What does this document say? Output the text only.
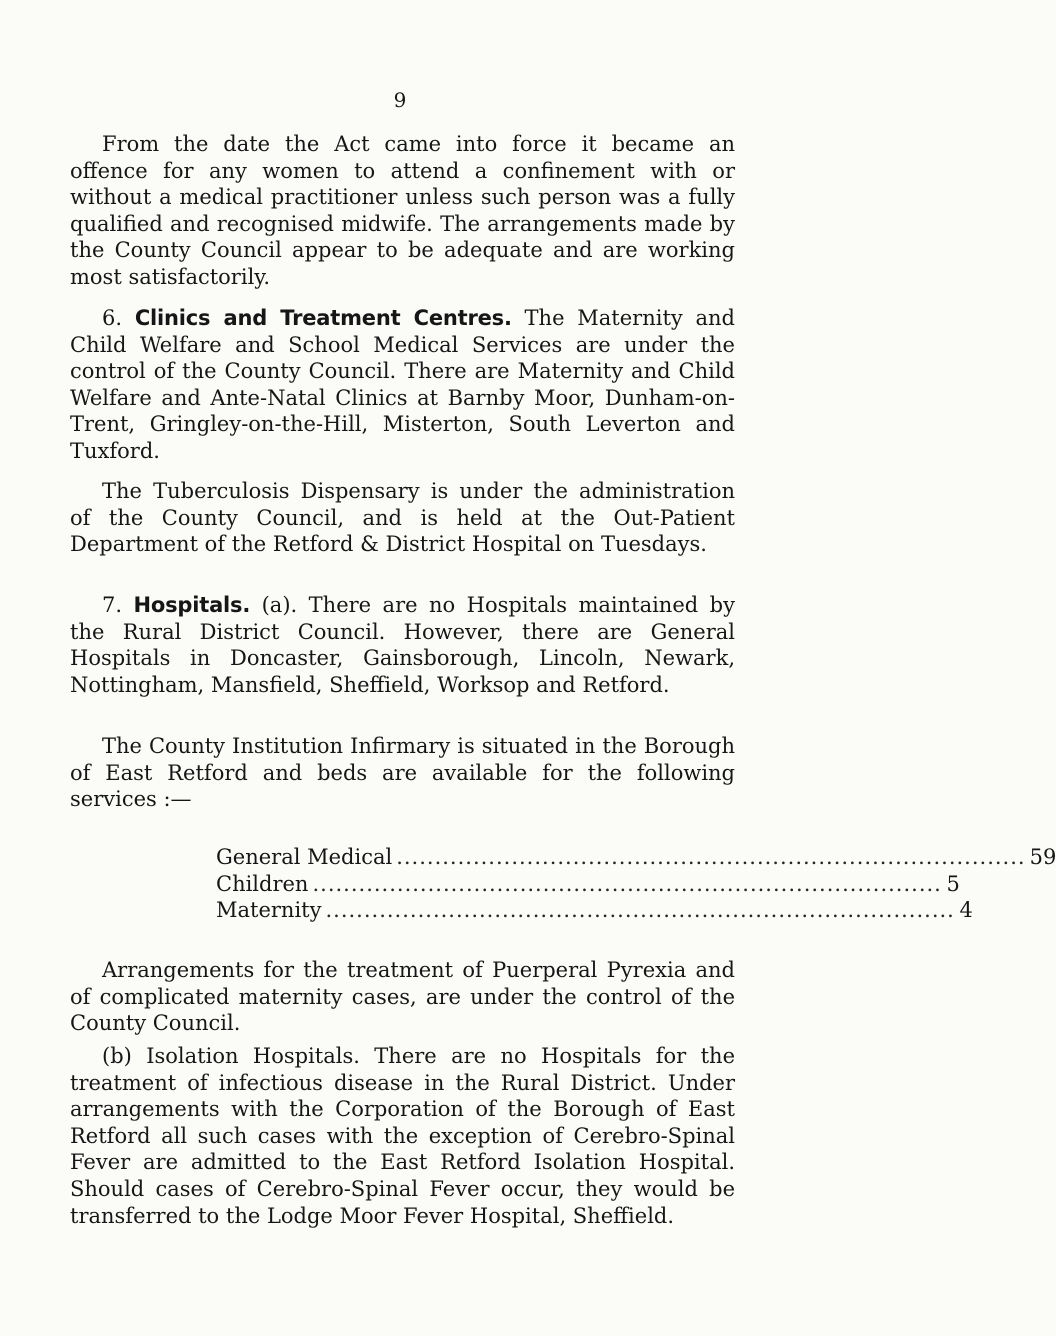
9

From the date the Act came into force it became an offence for any women to attend a confinement with or without a medical practitioner unless such person was a fully qualified and recognised midwife. The arrangements made by the County Council appear to be adequate and are working most satisfactorily.

6. Clinics and Treatment Centres. The Maternity and Child Welfare and School Medical Services are under the control of the County Council. There are Maternity and Child Welfare and Ante-Natal Clinics at Barnby Moor, Dunham-on-Trent, Gringley-on-the-Hill, Misterton, South Leverton and Tuxford.

The Tuberculosis Dispensary is under the administration of the County Council, and is held at the Out-Patient Department of the Retford & District Hospital on Tuesdays.

7. Hospitals. (a). There are no Hospitals maintained by the Rural District Council. However, there are General Hospitals in Doncaster, Gainsborough, Lincoln, Newark, Nottingham, Mansfield, Sheffield, Worksop and Retford.

The County Institution Infirmary is situated in the Borough of East Retford and beds are available for the following services :—

General Medical .................................................................................. 59
Children .................................................................................. 5
Maternity .................................................................................. 4

Arrangements for the treatment of Puerperal Pyrexia and of complicated maternity cases, are under the control of the County Council.

(b) Isolation Hospitals. There are no Hospitals for the treatment of infectious disease in the Rural District. Under arrangements with the Corporation of the Borough of East Retford all such cases with the exception of Cerebro-Spinal Fever are admitted to the East Retford Isolation Hospital. Should cases of Cerebro-Spinal Fever occur, they would be transferred to the Lodge Moor Fever Hospital, Sheffield.
